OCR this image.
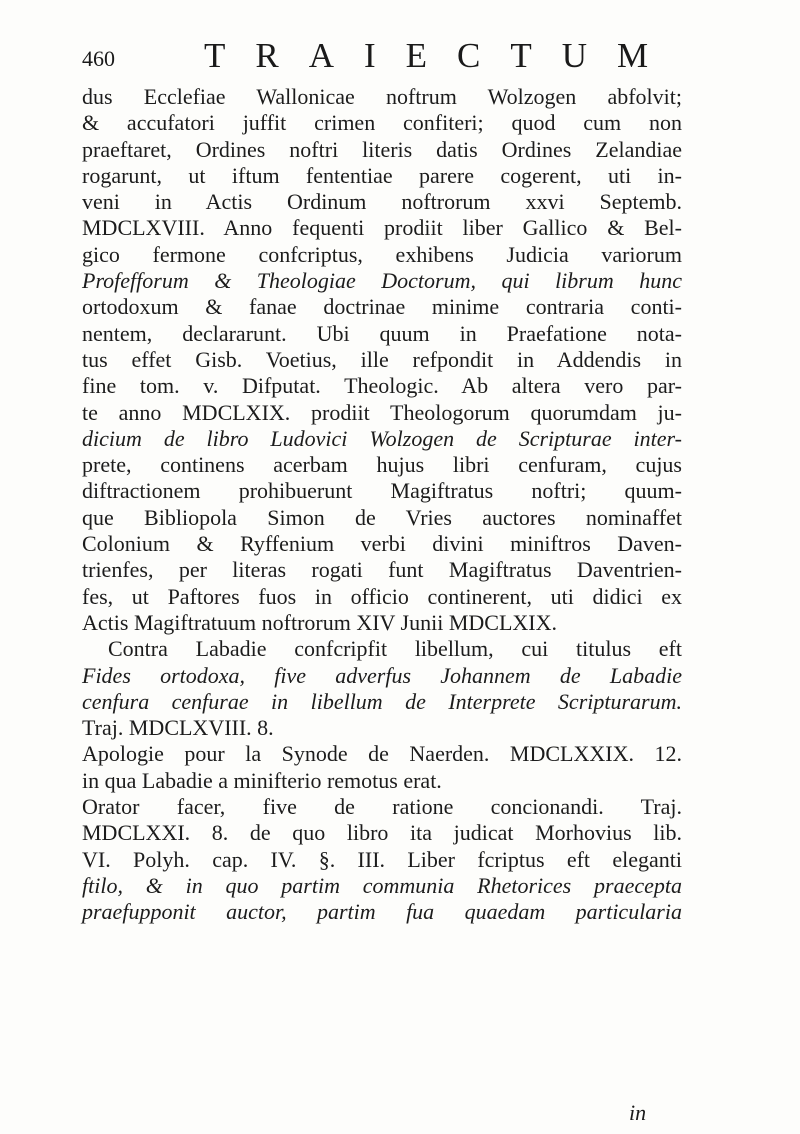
460	TRAIECTUM
dus Ecclefiae Wallonicae noftrum Wolzogen abfolvit;
& accufatori juffit crimen confiteri; quod cum non
praeftaret, Ordines noftri literis datis Ordines Zelandiae
rogarunt, ut iftum fententiae parere cogerent, uti in-
veni in Actis Ordinum noftrorum xxvi Septemb.
MDCLXVIII. Anno fequenti prodiit liber Gallico & Bel-
gico fermone confcriptus, exhibens Judicia variorum
Profefforum & Theologiae Doctorum, qui librum hunc
ortodoxum & fanae doctrinae minime contraria conti-
nentem, declararunt. Ubi quum in Praefatione nota-
tus effet Gisb. Voetius, ille refpondit in Addendis in
fine tom. v. Difputat. Theologic. Ab altera vero par-
te anno MDCLXIX. prodiit Theologorum quorumdam ju-
dicium de libro Ludovici Wolzogen de Scripturae inter-
prete, continens acerbam hujus libri cenfuram, cujus
diftractionem prohibuerunt Magiftratus noftri; quum-
que Bibliopola Simon de Vries auctores nominaffet
Colonium & Ryffenium verbi divini miniftros Daven-
trienfes, per literas rogati funt Magiftratus Daventrien-
fes, ut Paftores fuos in officio continerent, uti didici ex
Actis Magiftratuum noftrorum XIV Junii MDCLXIX.
Contra Labadie confcripfit libellum, cui titulus eft
Fides ortodoxa, five adverfus Johannem de Labadie
cenfura cenfurae in libellum de Interprete Scripturarum.
Traj. MDCLXVIII. 8.
Apologie pour la Synode de Naerden. MDCLXXIX. 12.
in qua Labadie a minifterio remotus erat.
Orator facer, five de ratione concionandi. Traj.
MDCLXXI. 8. de quo libro ita judicat Morhovius lib.
VI. Polyh. cap. IV. §. III. Liber fcriptus eft eleganti
ftilo, & in quo partim communia Rhetorices praecepta
praefupponit auctor, partim fua quaedam particularia
in
